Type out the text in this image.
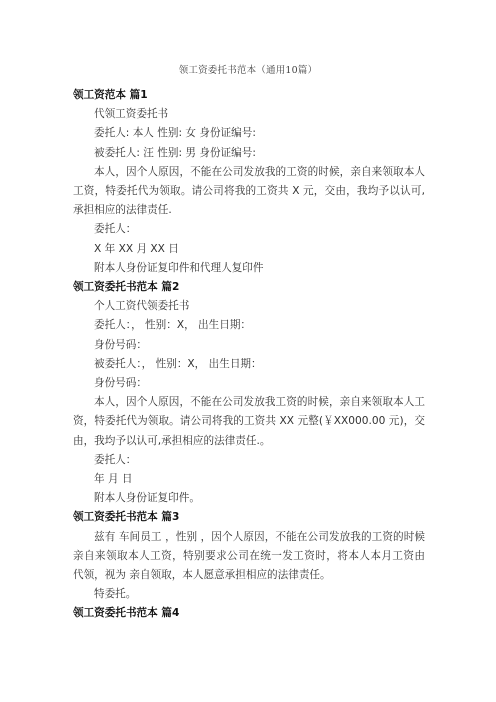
领工资委托书范本（通用10篇）
领工资范本 篇1
代领工资委托书
委托人: 本人 性别: 女 身份证编号:
被委托人: 汪 性别: 男 身份证编号:
本人，因个人原因，不能在公司发放我的工资的时候，亲自来领取本人工资，特委托代为领取。请公司将我的工资共 X 元，交由，我均予以认可,承担相应的法律责任.
委托人：
X 年 XX 月 XX 日
附本人身份证复印件和代理人复印件
领工资委托书范本 篇2
个人工资代领委托书
委托人：， 性别：X， 出生日期：
身份号码：
被委托人：， 性别：X， 出生日期：
身份号码：
本人，因个人原因，不能在公司发放我工资的时候，亲自来领取本人工资，特委托代为领取。请公司将我的工资共 XX 元整(￥XX000.00 元)，交由，我均予以认可,承担相应的法律责任.。
委托人：
年 月 日
附本人身份证复印件。
领工资委托书范本 篇3
兹有 车间员工 ，性别 ，因个人原因，不能在公司发放我的工资的时候亲自来领取本人工资，特别要求公司在统一发工资时，将本人本月工资由 代领，视为 亲自领取，本人愿意承担相应的法律责任。
特委托。
领工资委托书范本 篇4
